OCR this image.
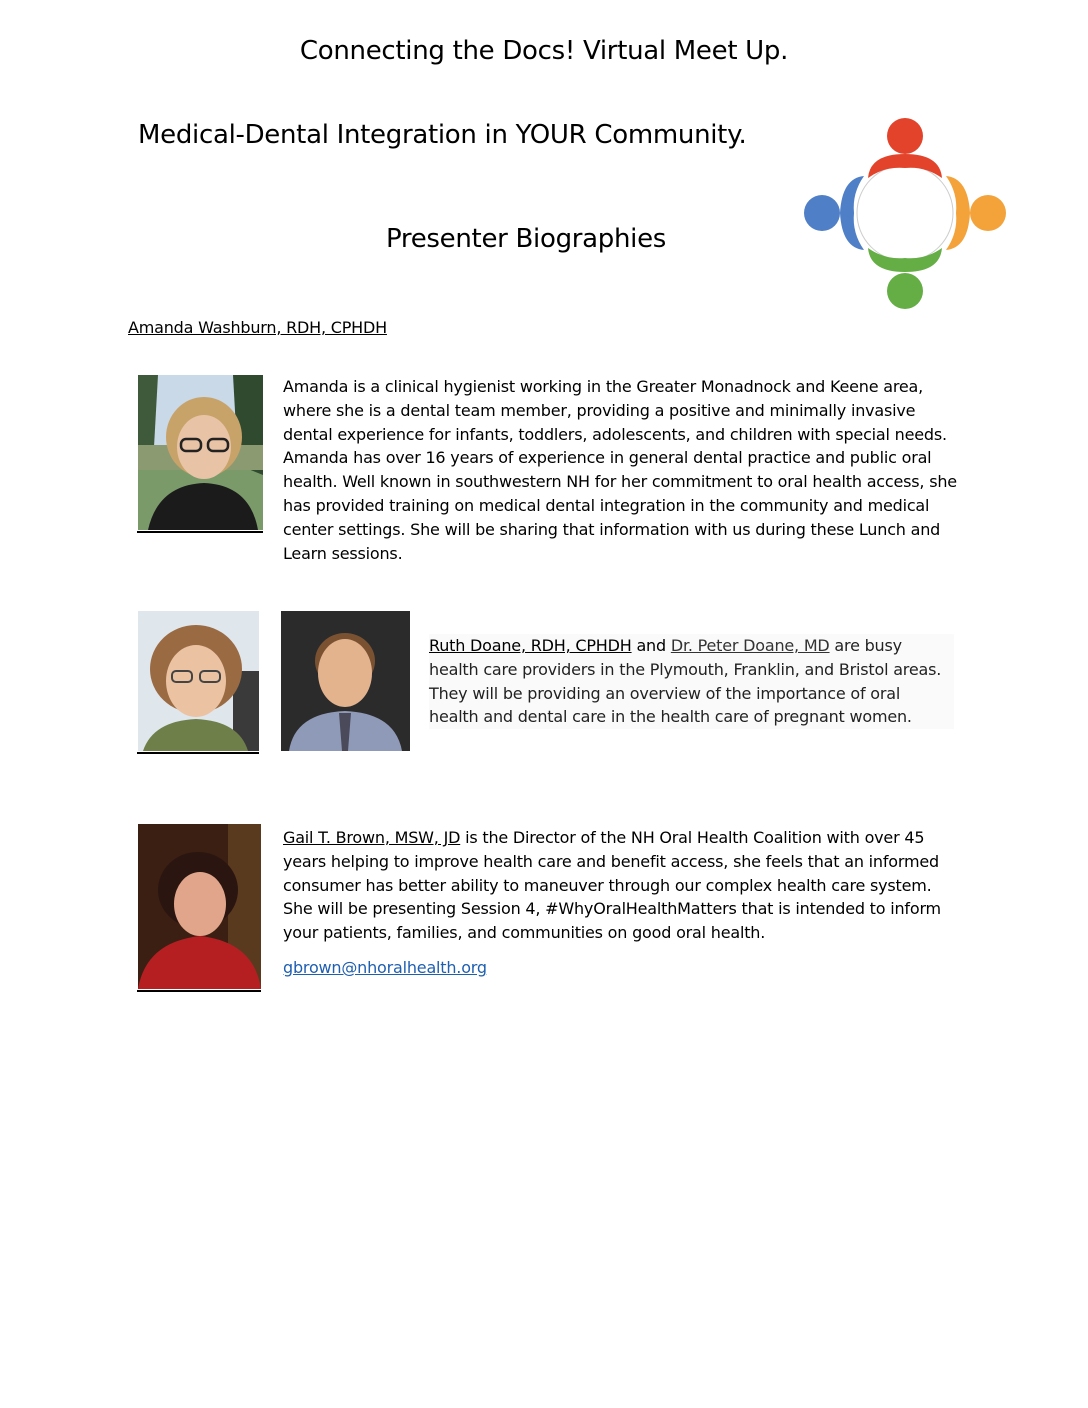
Connecting the Docs! Virtual Meet Up.
Medical-Dental Integration in YOUR Community.
Presenter Biographies
Amanda Washburn, RDH, CPHDH
Amanda is a clinical hygienist working in the Greater Monadnock and Keene area, where she is a dental team member, providing a positive and minimally invasive dental experience for infants, toddlers, adolescents, and children with special needs. Amanda has over 16 years of experience in general dental practice and public oral health. Well known in southwestern NH for her commitment to oral health access, she has provided training on medical dental integration in the community and medical center settings. She will be sharing that information with us during these Lunch and Learn sessions.
Ruth Doane, RDH, CPHDH and Dr. Peter Doane, MD are busy health care providers in the Plymouth, Franklin, and Bristol areas. They will be providing an overview of the importance of oral health and dental care in the health care of pregnant women.
Gail T. Brown, MSW, JD is the Director of the NH Oral Health Coalition with over 45 years helping to improve health care and benefit access, she feels that an informed consumer has better ability to maneuver through our complex health care system. She will be presenting Session 4, #WhyOralHealthMatters that is intended to inform your patients, families, and communities on good oral health.
gbrown@nhoralhealth.org
